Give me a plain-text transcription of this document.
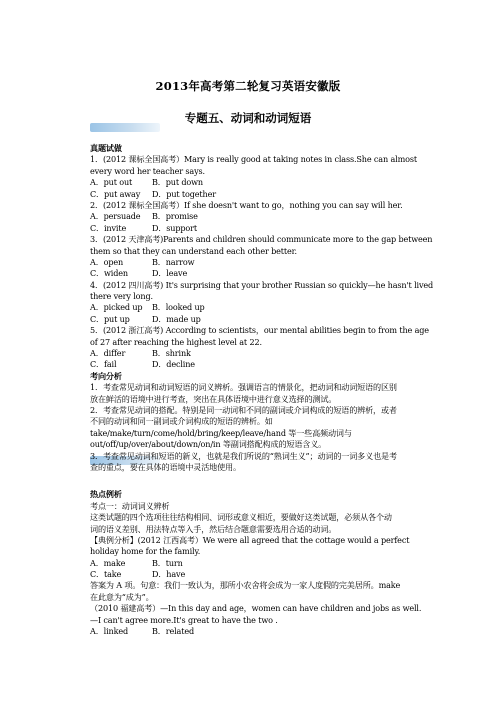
2013年高考第二轮复习英语安徽版
专题五、动词和动词短语
真题试做
1．(2012 课标全国高考）Mary is really good at taking notes in class.She can almost
every word her teacher says.
A．put out B．put down
C．put away D．put together
2．(2012 课标全国高考）If she doesn't want to go，nothing you can say will her.
A．persuade B．promise
C．invite	D．support
3．(2012 天津高考)Parents and children should communicate more to the gap between
them so that they can understand each other better.
A．open	B．narrow
C．widen	D．leave
4．(2012 四川高考) It's surprising that your brother Russian so quickly—he hasn't lived
there very long.
A．picked up B．looked up
C．put up	D．made up
5．(2012 浙江高考) According to scientists，our mental abilities begin to from the age
of 27 after reaching the highest level at 22.
A．differ	B．shrink
C．fail	D．decline
考向分析
1．考查常见动词和动词短语的词义辨析。强调语言的情景化，把动词和动词短语的区别
放在鲜活的语境中进行考查，突出在具体语境中进行意义选择的测试。
2．考查常见动词的搭配。特别是同一动词和不同的副词或介词构成的短语的辨析，或者
不同的动词和同一副词或介词构成的短语的辨析。如
take/make/turn/come/hold/bring/keep/leave/hand 等一些高频动词与
out/off/up/over/about/down/on/in 等副词搭配构成的短语含义。
3．考查常见动词和短语的新义，也就是我们所说的“熟词生义”；动词的一词多义也是考
查的重点，要在具体的语境中灵活地使用。
热点例析
考点一：动词词义辨析
这类试题的四个选项往往结构相同、词形或意义相近，要做好这类试题，必须从各个动
词的语义差别、用法特点等入手，然后结合题意需要选用合适的动词。
【典例分析】(2012 江西高考）We were all agreed that the cottage would a perfect
holiday home for the family.
A．make	B．turn
C．take	D．have
答案为 A 项。句意：我们一致认为，那所小农舍将会成为一家人度假的完美居所。make
在此意为“成为”。
（2010 福建高考）—In this day and age，women can have children and jobs as well.
—I can't agree more.It's great to have the two .
A．linked	B．related
